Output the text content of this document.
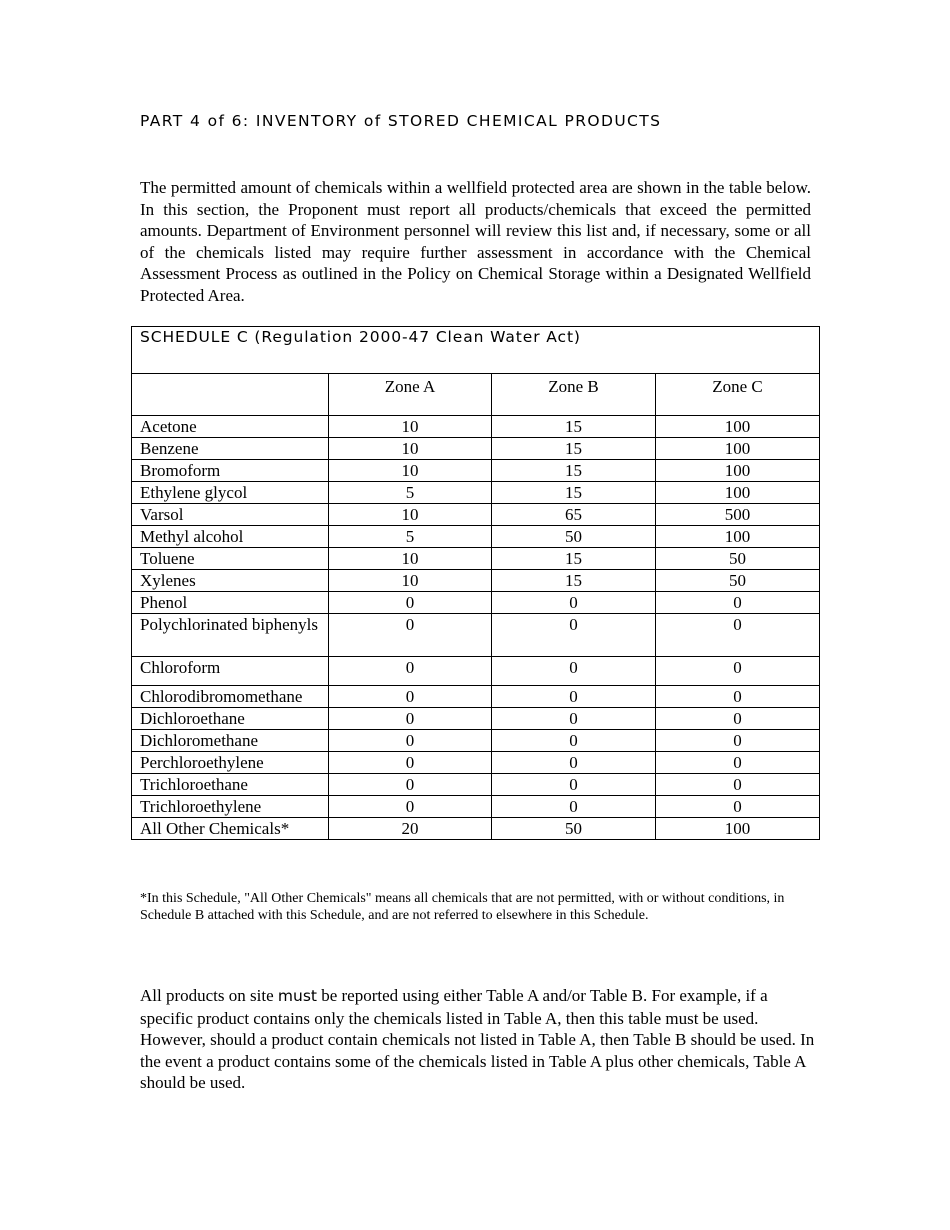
PART 4 of 6: INVENTORY of STORED CHEMICAL PRODUCTS

The permitted amount of chemicals within a wellfield protected area are shown in the table below. In this section, the Proponent must report all products/chemicals that exceed the permitted amounts. Department of Environment personnel will review this list and, if necessary, some or all of the chemicals listed may require further assessment in accordance with the Chemical Assessment Process as outlined in the Policy on Chemical Storage within a Designated Wellfield Protected Area.

SCHEDULE C (Regulation 2000-47 Clean Water Act)			
	Zone A	Zone B	Zone C
Acetone	10	15	100
Benzene	10	15	100
Bromoform	10	15	100
Ethylene glycol	5	15	100
Varsol	10	65	500
Methyl alcohol	5	50	100
Toluene	10	15	50
Xylenes	10	15	50
Phenol	0	0	0
Polychlorinated biphenyls	0	0	0
Chloroform	0	0	0
Chlorodibromomethane	0	0	0
Dichloroethane	0	0	0
Dichloromethane	0	0	0
Perchloroethylene	0	0	0
Trichloroethane	0	0	0
Trichloroethylene	0	0	0
All Other Chemicals*	20	50	100

*In this Schedule, "All Other Chemicals" means all chemicals that are not permitted, with or without conditions, in Schedule B attached with this Schedule, and are not referred to elsewhere in this Schedule.

All products on site must be reported using either Table A and/or Table B. For example, if a specific product contains only the chemicals listed in Table A, then this table must be used. However, should a product contain chemicals not listed in Table A, then Table B should be used. In the event a product contains some of the chemicals listed in Table A plus other chemicals, Table A should be used.
